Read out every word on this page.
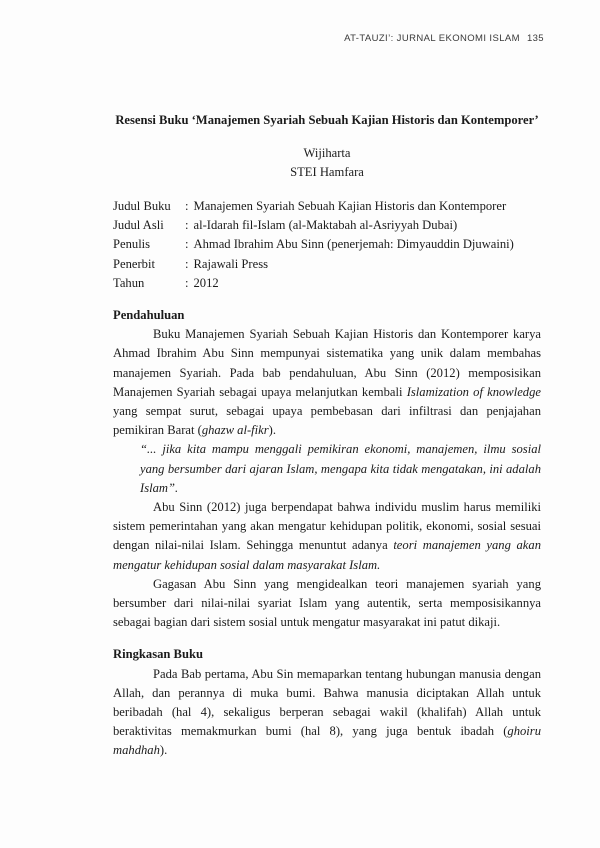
AT-TAUZI’: JURNAL EKONOMI ISLAM 135
Resensi Buku ‘Manajemen Syariah Sebuah Kajian Historis dan Kontemporer’
Wijiharta
STEI Hamfara
Judul Buku	: Manajemen Syariah Sebuah Kajian Historis dan Kontemporer
Judul Asli	: al-Idarah fil-Islam (al-Maktabah al-Asriyyah Dubai)
Penulis	: Ahmad Ibrahim Abu Sinn (penerjemah: Dimyauddin Djuwaini)
Penerbit	: Rajawali Press
Tahun	: 2012
Pendahuluan

Buku Manajemen Syariah Sebuah Kajian Historis dan Kontemporer karya Ahmad Ibrahim Abu Sinn mempunyai sistematika yang unik dalam membahas manajemen Syariah. Pada bab pendahuluan, Abu Sinn (2012) memposisikan Manajemen Syariah sebagai upaya melanjutkan kembali Islamization of knowledge yang sempat surut, sebagai upaya pembebasan dari infiltrasi dan penjajahan pemikiran Barat (ghazw al-fikr).

“... jika kita mampu menggali pemikiran ekonomi, manajemen, ilmu sosial yang bersumber dari ajaran Islam, mengapa kita tidak mengatakan, ini adalah Islam”.

Abu Sinn (2012) juga berpendapat bahwa individu muslim harus memiliki sistem pemerintahan yang akan mengatur kehidupan politik, ekonomi, sosial sesuai dengan nilai-nilai Islam. Sehingga menuntut adanya teori manajemen yang akan mengatur kehidupan sosial dalam masyarakat Islam.

Gagasan Abu Sinn yang mengidealkan teori manajemen syariah yang bersumber dari nilai-nilai syariat Islam yang autentik, serta memposisikannya sebagai bagian dari sistem sosial untuk mengatur masyarakat ini patut dikaji.

Ringkasan Buku

Pada Bab pertama, Abu Sin memaparkan tentang hubungan manusia dengan Allah, dan perannya di muka bumi. Bahwa manusia diciptakan Allah untuk beribadah (hal 4), sekaligus berperan sebagai wakil (khalifah) Allah untuk beraktivitas memakmurkan bumi (hal 8), yang juga bentuk ibadah (ghoiru mahdhah).
